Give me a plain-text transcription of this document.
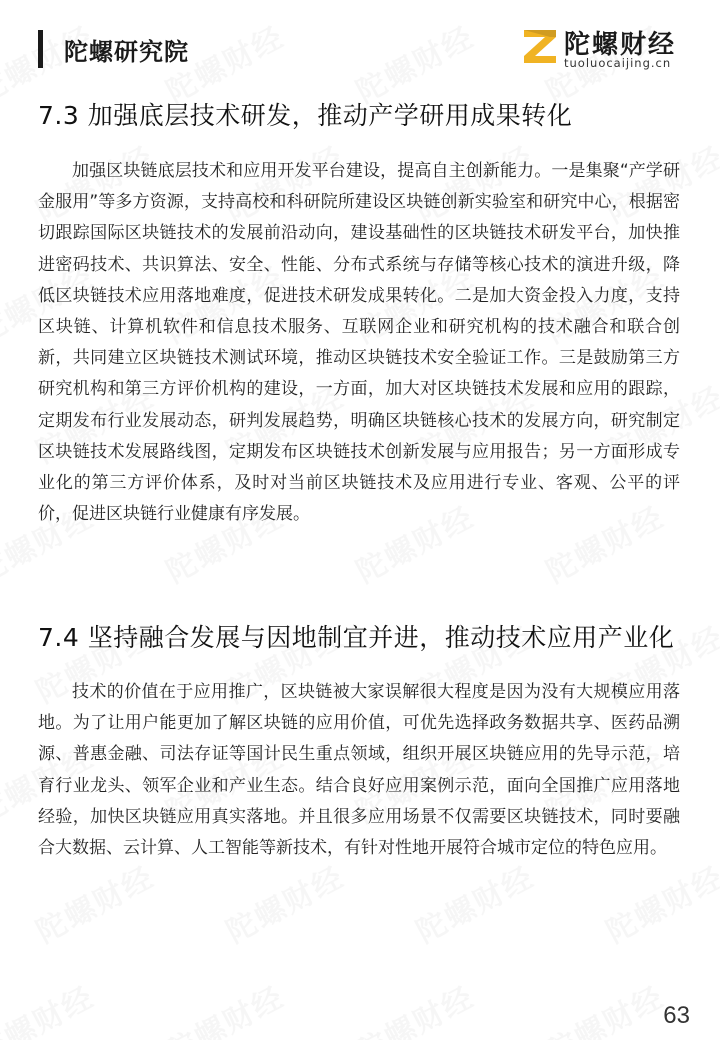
陀螺研究院	陀螺财经
tuoluocaijing.cn
7.3 加强底层技术研发，推动产学研用成果转化

加强区块链底层技术和应用开发平台建设，提高自主创新能力。一是集聚“产学研金服用”等多方资源，支持高校和科研院所建设区块链创新实验室和研究中心，根据密切跟踪国际区块链技术的发展前沿动向，建设基础性的区块链技术研发平台，加快推进密码技术、共识算法、安全、性能、分布式系统与存储等核心技术的演进升级，降低区块链技术应用落地难度，促进技术研发成果转化。二是加大资金投入力度，支持区块链、计算机软件和信息技术服务、互联网企业和研究机构的技术融合和联合创新，共同建立区块链技术测试环境，推动区块链技术安全验证工作。三是鼓励第三方研究机构和第三方评价机构的建设，一方面，加大对区块链技术发展和应用的跟踪，定期发布行业发展动态，研判发展趋势，明确区块链核心技术的发展方向，研究制定区块链技术发展路线图，定期发布区块链技术创新发展与应用报告；另一方面形成专业化的第三方评价体系，及时对当前区块链技术及应用进行专业、客观、公平的评价，促进区块链行业健康有序发展。

7.4 坚持融合发展与因地制宜并进，推动技术应用产业化

技术的价值在于应用推广，区块链被大家误解很大程度是因为没有大规模应用落地。为了让用户能更加了解区块链的应用价值，可优先选择政务数据共享、医药品溯源、普惠金融、司法存证等国计民生重点领域，组织开展区块链应用的先导示范，培育行业龙头、领军企业和产业生态。结合良好应用案例示范，面向全国推广应用落地经验，加快区块链应用真实落地。并且很多应用场景不仅需要区块链技术，同时要融合大数据、云计算、人工智能等新技术，有针对性地开展符合城市定位的特色应用。

63
